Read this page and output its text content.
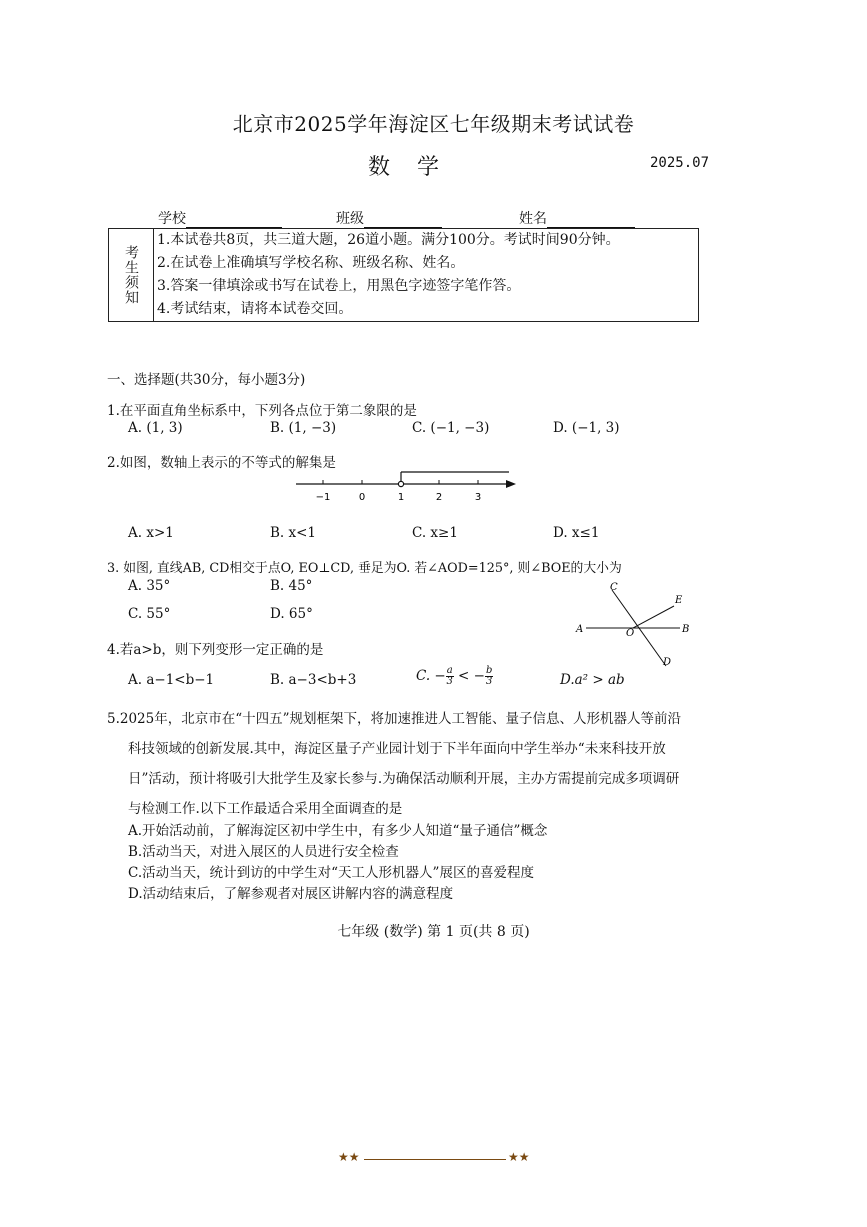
北京市2025学年海淀区七年级期末考试试卷
数 学	2025.07
学校	班级	姓名
考生须知
1.本试卷共8页，共三道大题，26道小题。满分100分。考试时间90分钟。
2.在试卷上准确填写学校名称、班级名称、姓名。
3.答案一律填涂或书写在试卷上，用黑色字迹签字笔作答。
4.考试结束，请将本试卷交回。
一、选择题(共30分，每小题3分)
1.在平面直角坐标系中，下列各点位于第二象限的是
A. (1, 3)	B. (1, −3)	C. (−1, −3)	D. (−1, 3)
2.如图，数轴上表示的不等式的解集是
−1	0	1	2	3
A. x>1	B. x<1	C. x≥1	D. x≤1
3. 如图, 直线AB, CD相交于点O, EO⊥CD, 垂足为O. 若∠AOD=125°, 则∠BOE的大小为
A. 35°	B. 45°
C. 55°	D. 65°
A	B
C
D
E
O
4.若a>b，则下列变形一定正确的是
A. a−1<b−1	B. a−3<b+3	C. − $\frac{a}{3}$ < − $\frac{b}{3}$	D.a² > ab
5.2025年，北京市在“十四五”规划框架下，将加速推进人工智能、量子信息、人形机器人等前沿
科技领域的创新发展.其中，海淀区量子产业园计划于下半年面向中学生举办“未来科技开放
日”活动，预计将吸引大批学生及家长参与.为确保活动顺利开展，主办方需提前完成多项调研
与检测工作.以下工作最适合采用全面调查的是
A.开始活动前，了解海淀区初中学生中，有多少人知道“量子通信”概念
B.活动当天，对进入展区的人员进行安全检查
C.活动当天，统计到访的中学生对“天工人形机器人”展区的喜爱程度
D.活动结束后，了解参观者对展区讲解内容的满意程度
七年级 (数学) 第 1 页(共 8 页)
★★	★★
